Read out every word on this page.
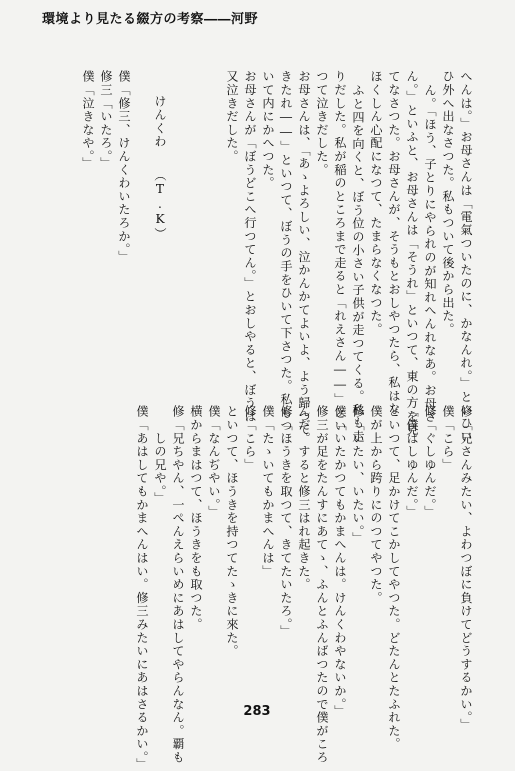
環境より見たる綴方の考察――河野
へんは。」お母さんは「電氣ついたのに、かなんれ。」といひい
ひ外へ出なさつた。私もついて後から出た。
ん。「ほう、子とりにやられのが知れへんれなあ。お母さ
ん。」といふと、お母さんは「そうれ」といつて、東の方を見
てなさつた。お母さんが、そうもとおしやつたら、私はな
ほくしん心配になつて、たまらなくなつた。
ふと四を向くと、ぼう位の小さい子供が走つてくる。私も走
りだした。私が稲のところまで走ると「れえさん――」とい
つて泣きだした。
お母さんは、「あゝよろしい、泣かんかてよいよ、よう歸つて
きたれ――」といつて、ぼうの手をひいて下さつた。私もつ
いて内にかへつた。
お母さんが「ぼうどこへ行つてん。」とおしやると、ぼうは
又泣きだした。
けんくわ　　（T.K）
僕「修三、けんくわいたろか。」
修三「いたろ。」
僕「泣きなや。」
修「兄さんみたい、よわつぼに負けてどうするかい。」
僕「こら」
修「ぐしゆんだ。」
「僕はしゆんだ。」
といつて、足かけてこかしてやつた。どたんとたふれた。
僕が上から跨りにのつてやつた。
修「いたい、いたい。」
僕「いたかつてもかまへんは。けんくわやないか。」
修三が足をたんすにあてゝ、ふんとふんばつたので僕がころ
んだ。すると修三はれ起きた。
修「ほうきを取つて、きてたいたろ。」
僕「たゝいてもかまへんは」
修「こら」
といつて、ほうきを持つてたゝきに來た。
僕「なんぢやい。」
横からまはつて、ほうきをも取つた。
修「兄ちやん、一ぺんえらいめにあはしてやらんなん。覇も
　　しの兄や。」
僕「あはしてもかまへんはい。修三みたいにあはさるかい。」	283
